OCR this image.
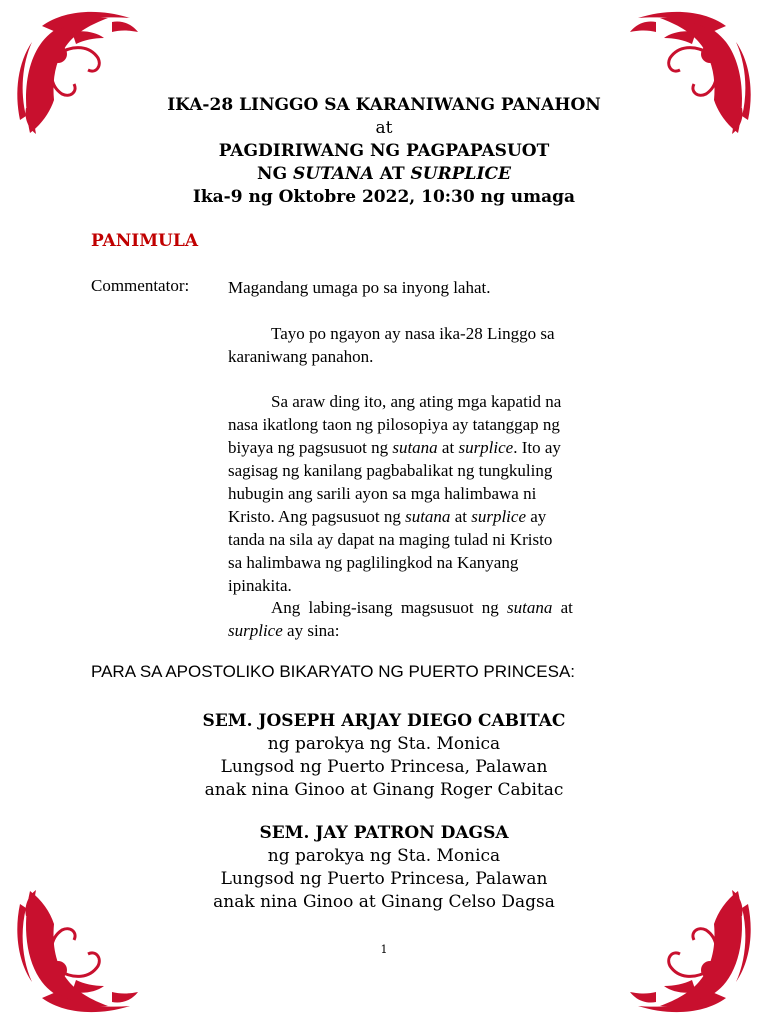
IKA-28 LINGGO SA KARANIWANG PANAHON
at
PAGDIRIWANG NG PAGPAPASUOT
NG SUTANA AT SURPLICE
Ika-9 ng Oktobre 2022, 10:30 ng umaga
PANIMULA
Commentator: Magandang umaga po sa inyong lahat.
Tayo po ngayon ay nasa ika-28 Linggo sa
karaniwang panahon.
Sa araw ding ito, ang ating mga kapatid na
nasa ikatlong taon ng pilosopiya ay tatanggap ng
biyaya ng pagsusuot ng sutana at surplice. Ito ay
sagisag ng kanilang pagbabalikat ng tungkuling
hubugin ang sarili ayon sa mga halimbawa ni
Kristo. Ang pagsusuot ng sutana at surplice ay
tanda na sila ay dapat na maging tulad ni Kristo
sa halimbawa ng paglilingkod na Kanyang
ipinakita.
Ang labing-isang magsusuot ng sutana at
surplice ay sina:
PARA SA APOSTOLIKO BIKARYATO NG PUERTO PRINCESA:
SEM. JOSEPH ARJAY DIEGO CABITAC
ng parokya ng Sta. Monica
Lungsod ng Puerto Princesa, Palawan
anak nina Ginoo at Ginang Roger Cabitac
SEM. JAY PATRON DAGSA
ng parokya ng Sta. Monica
Lungsod ng Puerto Princesa, Palawan
anak nina Ginoo at Ginang Celso Dagsa
1
